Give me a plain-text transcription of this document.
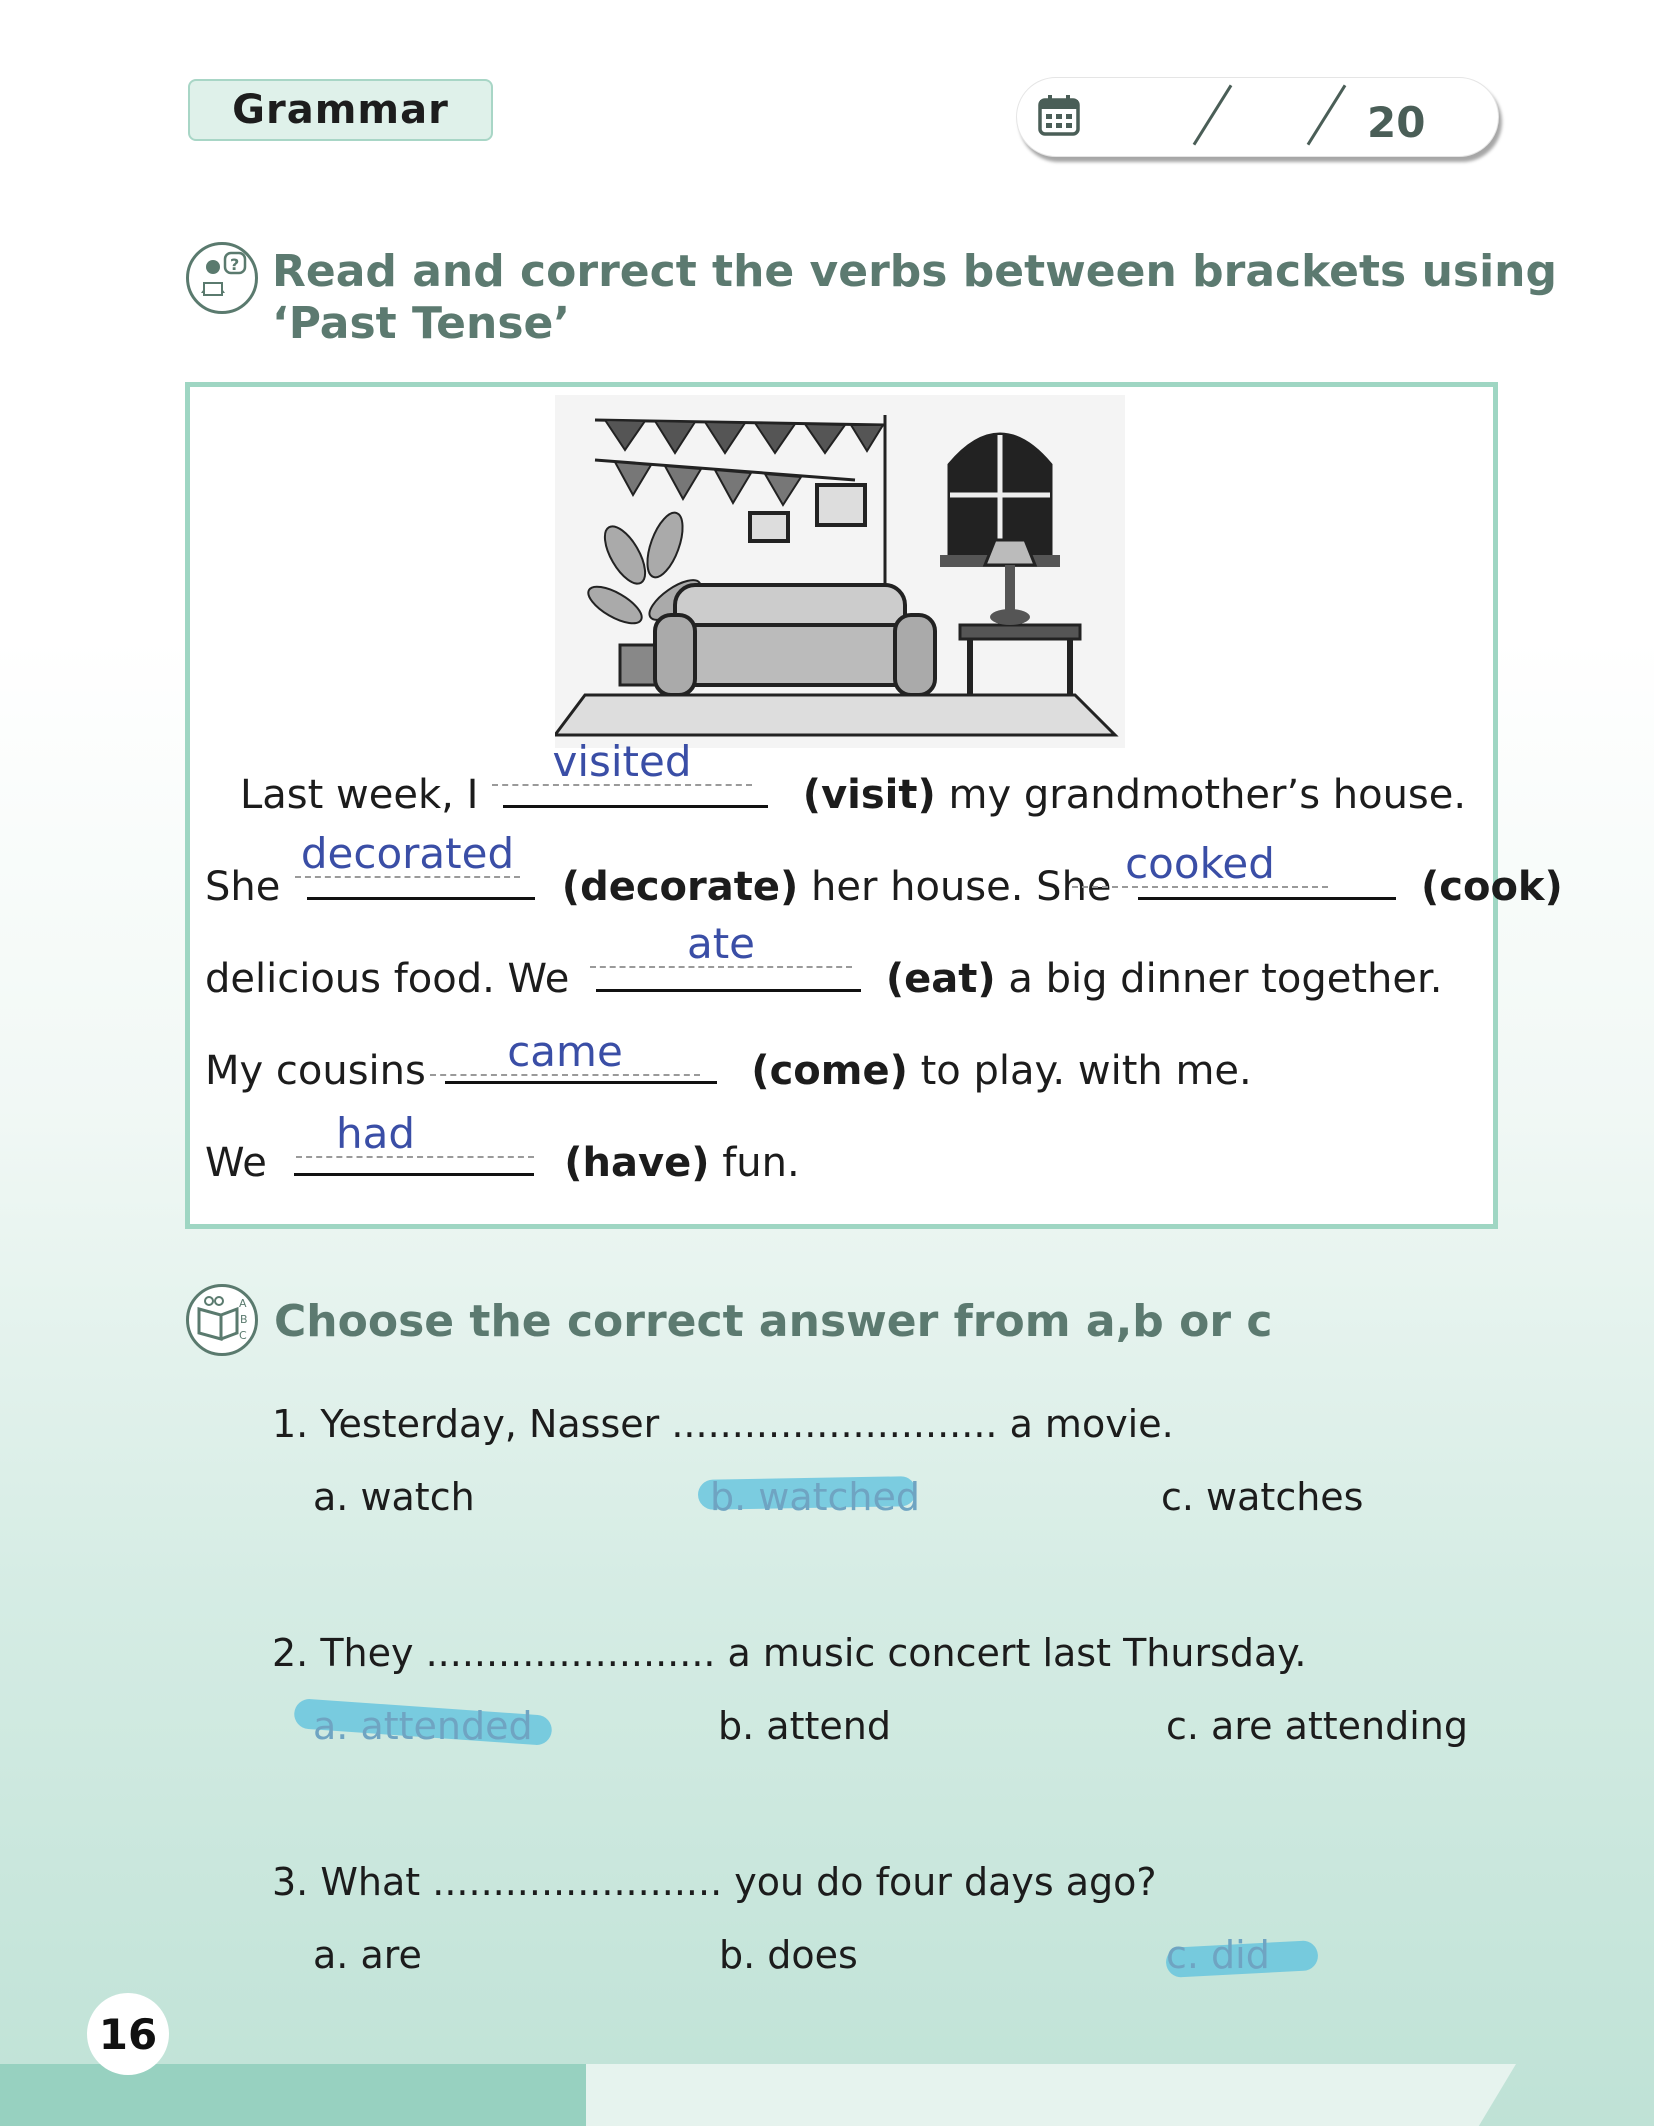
Grammar	20
? Read and correct the verbs between brackets using
‘Past Tense’
Last week, I	(visit) my grandmother’s house.
visited
She	(decorate) her house. She	(cook)
decorated	cooked
delicious food. We	(eat) a big dinner together.
ate
My cousins	(come) to play. with me.
came
We	(have) fun.
had
A
B
C Choose the correct answer from a,b or c
1. Yesterday, Nasser ........................... a movie.
a. watch	b. watched	c. watches
2. They ........................ a music concert last Thursday.
a. attended	b. attend	c. are attending
3. What ........................ you do four days ago?
a. are	b. does	c. did
16
